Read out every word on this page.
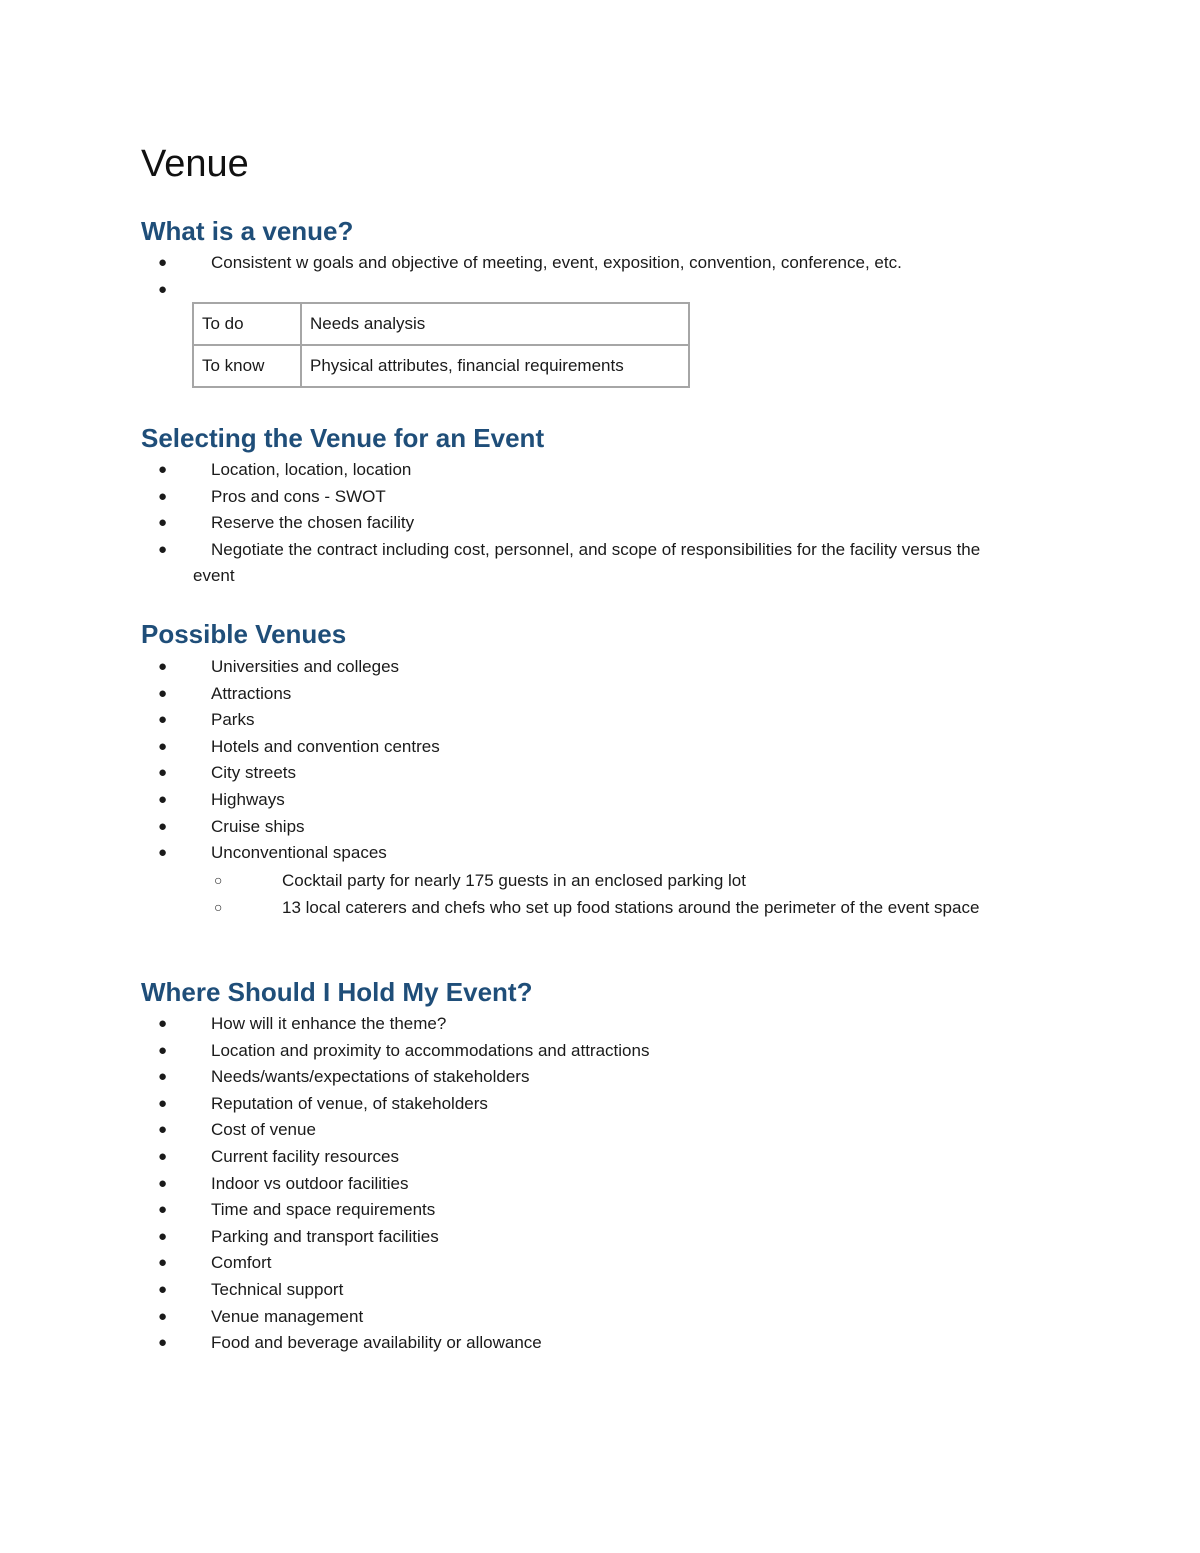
Venue
What is a venue?
●	Consistent w goals and objective of meeting, event, exposition, convention, conference, etc.
●
To do	Needs analysis
To know	Physical attributes, financial requirements
Selecting the Venue for an Event
●	Location, location, location
●	Pros and cons - SWOT
●	Reserve the chosen facility
●	Negotiate the contract including cost, personnel, and scope of responsibilities for the facility versus the event
Possible Venues
●	Universities and colleges
●	Attractions
●	Parks
●	Hotels and convention centres
●	City streets
●	Highways
●	Cruise ships
●	Unconventional spaces
○	Cocktail party for nearly 175 guests in an enclosed parking lot
○	13 local caterers and chefs who set up food stations around the perimeter of the event space
Where Should I Hold My Event?
●	How will it enhance the theme?
●	Location and proximity to accommodations and attractions
●	Needs/wants/expectations of stakeholders
●	Reputation of venue, of stakeholders
●	Cost of venue
●	Current facility resources
●	Indoor vs outdoor facilities
●	Time and space requirements
●	Parking and transport facilities
●	Comfort
●	Technical support
●	Venue management
●	Food and beverage availability or allowance
